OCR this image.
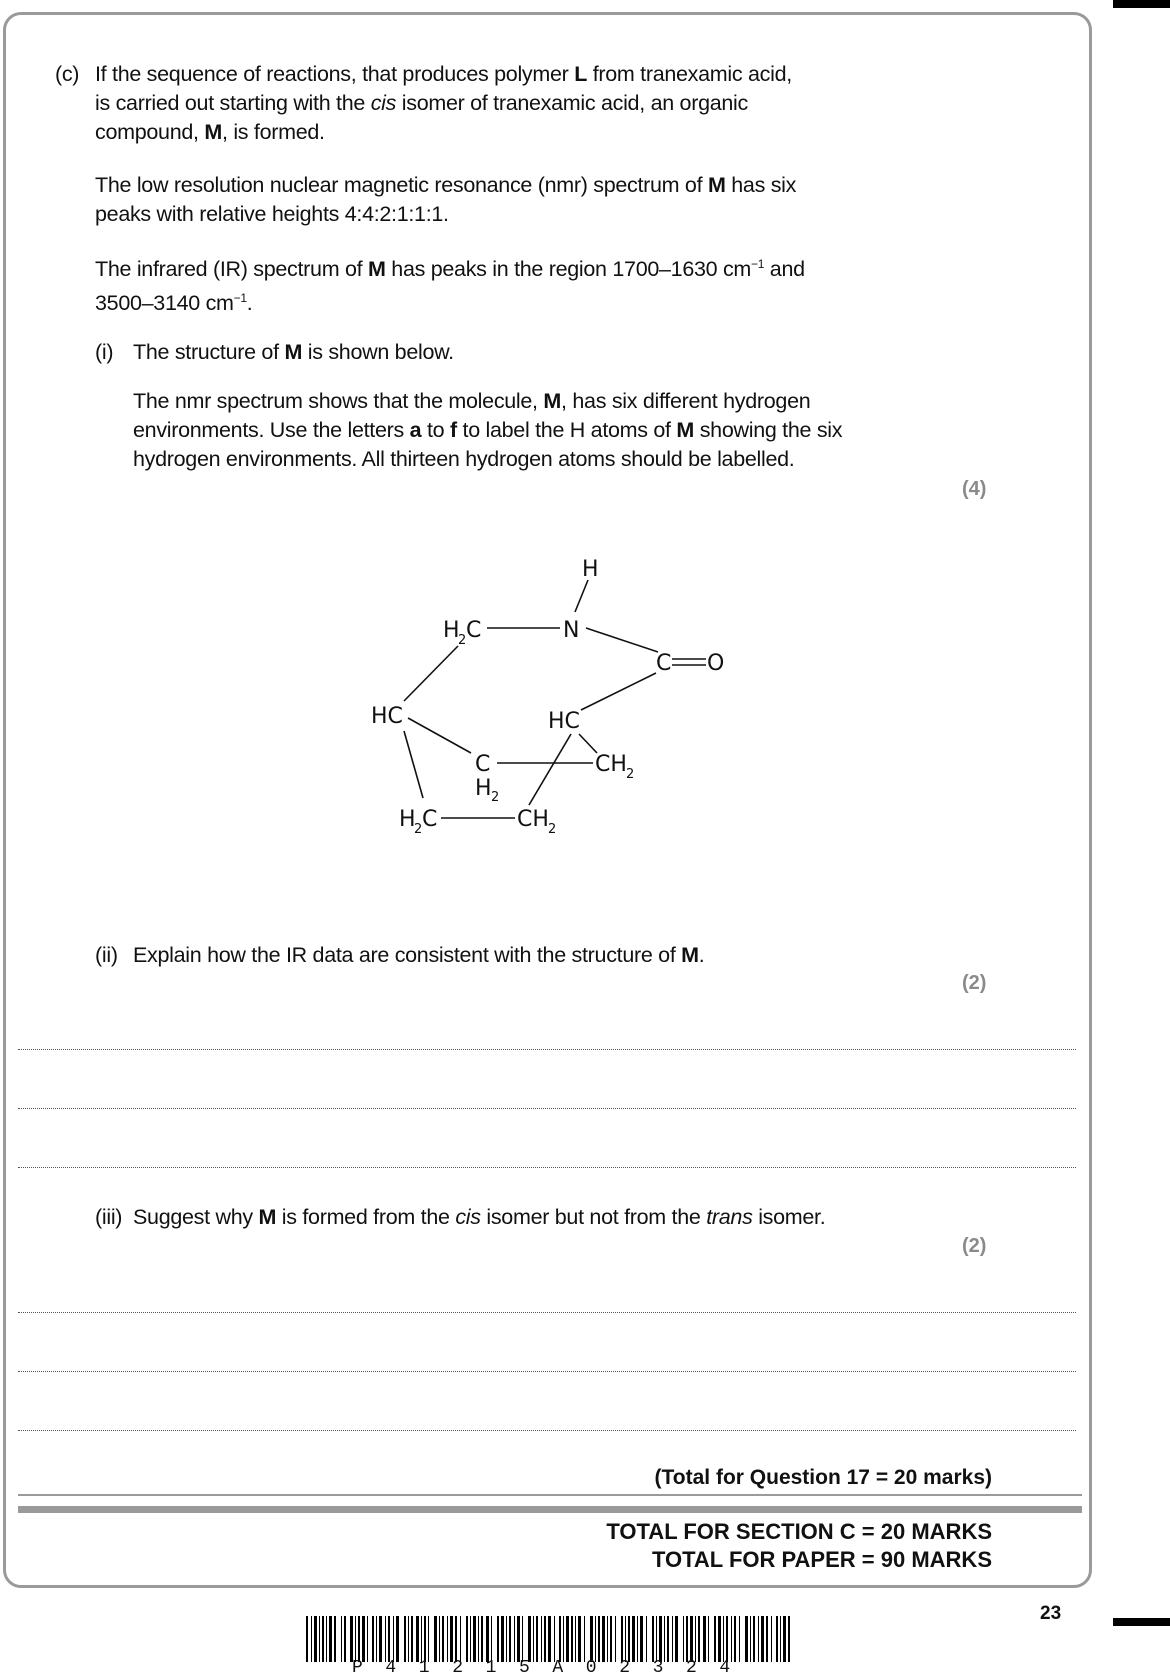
(c) If the sequence of reactions, that produces polymer L from tranexamic acid,
is carried out starting with the cis isomer of tranexamic acid, an organic
compound, M, is formed.
The low resolution nuclear magnetic resonance (nmr) spectrum of M has six
peaks with relative heights 4:4:2:1:1:1.
The infrared (IR) spectrum of M has peaks in the region 1700–1630 $cm^{-1}$ and
3500–3140 $cm^{-1}$.
(i) The structure of M is shown below.
The nmr spectrum shows that the molecule, M, has six different hydrogen
environments. Use the letters a to f to label the H atoms of M showing the six
hydrogen environments. All thirteen hydrogen atoms should be labelled.
(4)
H
N
C O
H
2 C
HC	HC
C
H 2
CH 2
H
2 C	CH 2
(ii) Explain how the IR data are consistent with the structure of M.
(2)
(iii) Suggest why M is formed from the cis isomer but not from the trans isomer.
(2)
(Total for Question 17 = 20 marks)
TOTAL FOR SECTION C = 20 MARKS
TOTAL FOR PAPER = 90 MARKS
23
P41215A02324
